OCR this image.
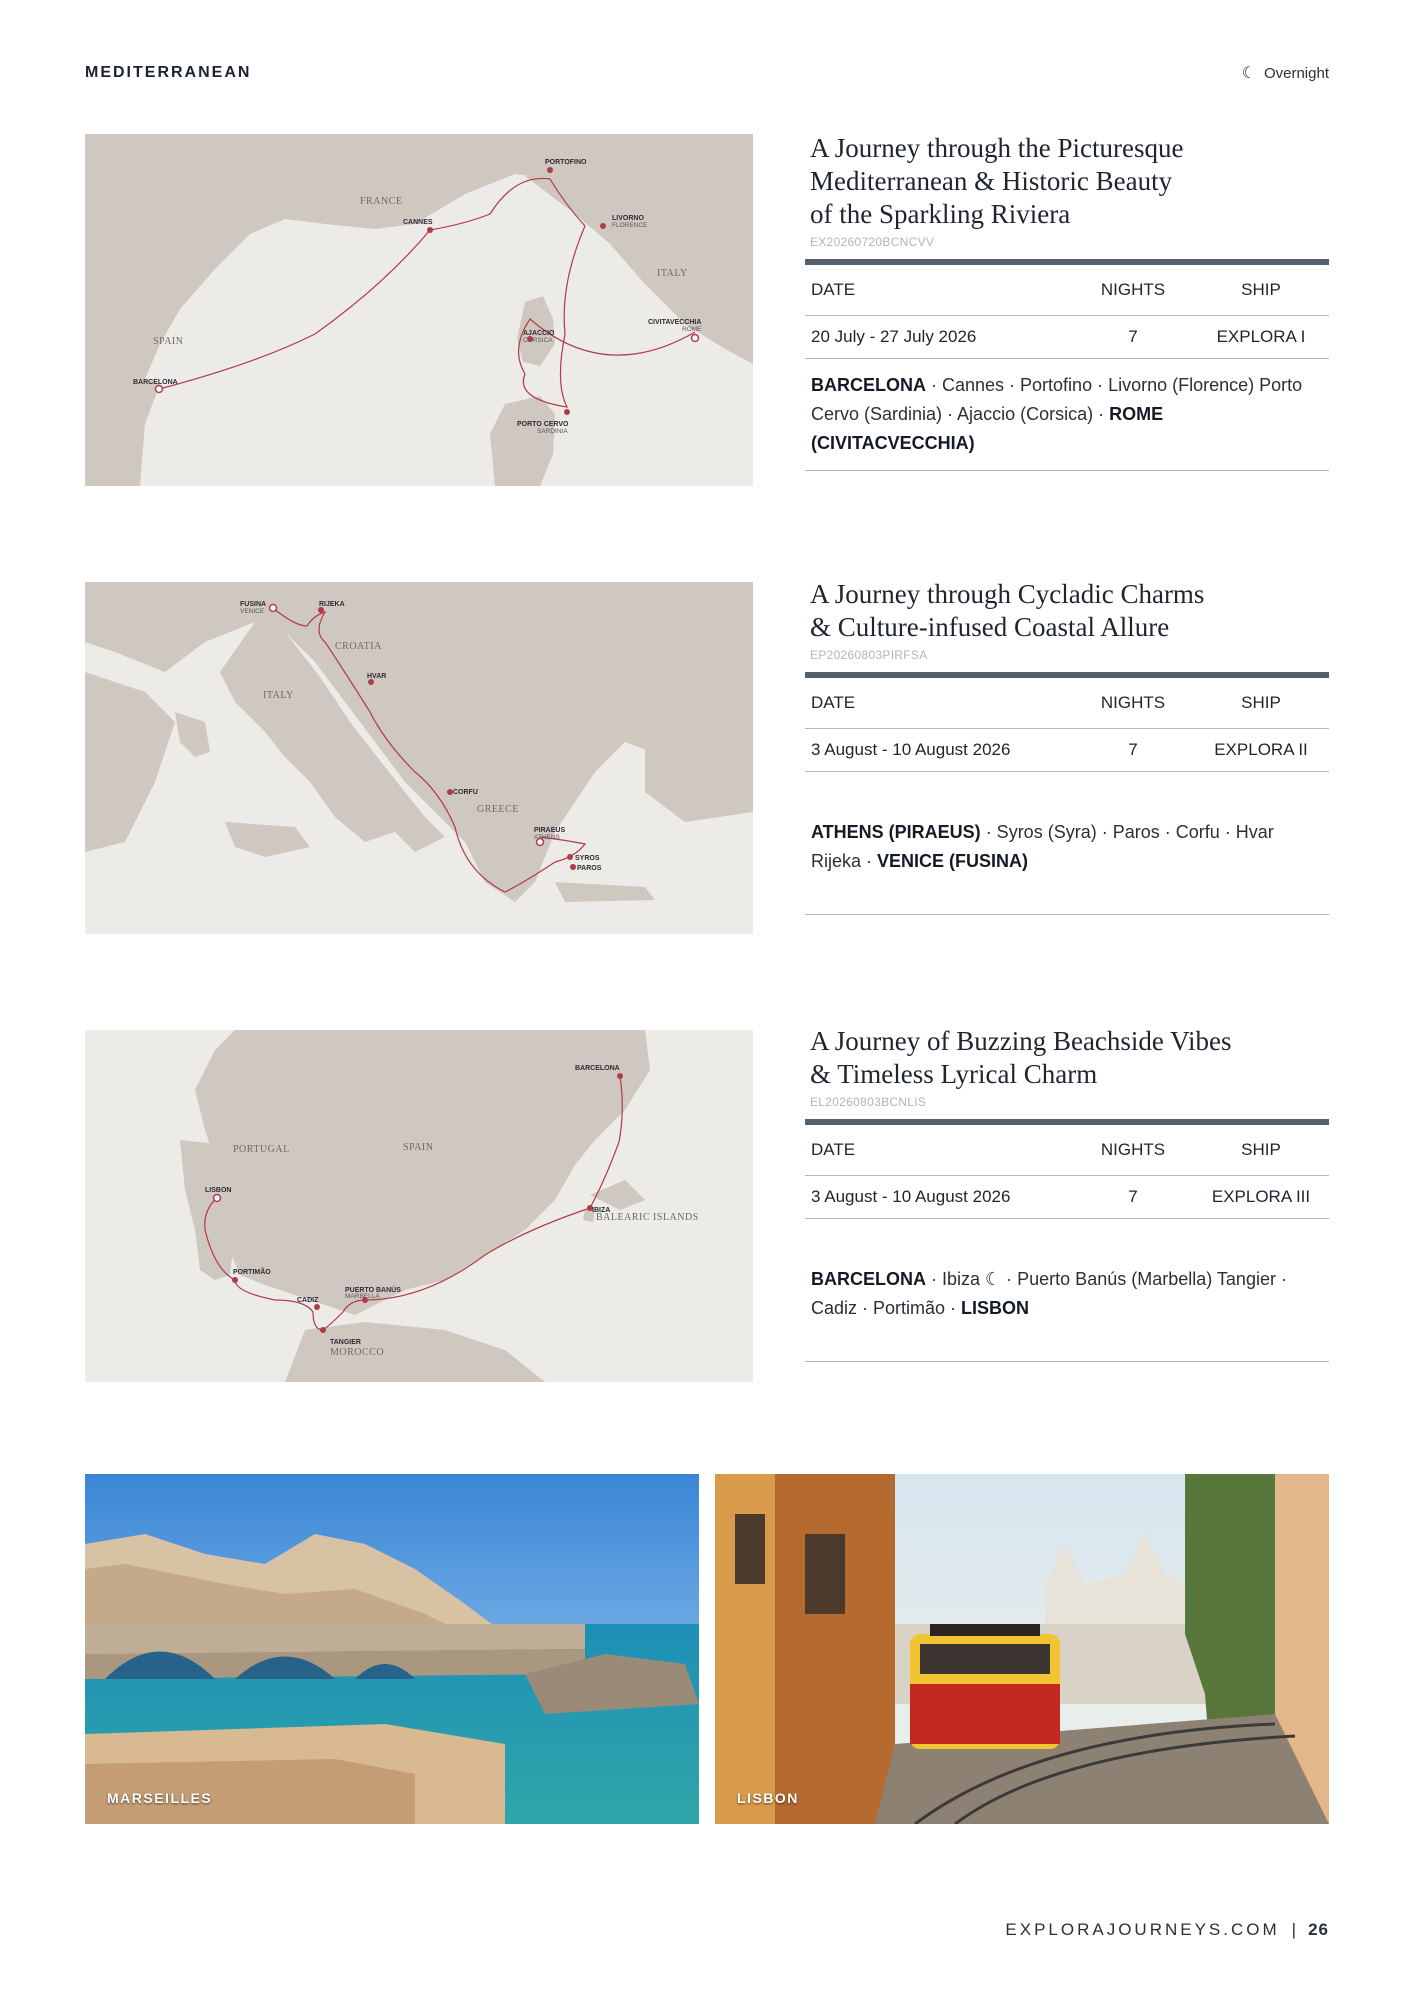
MEDITERRANEAN	☾ Overnight
FRANCE
ITALY
SPAIN
PORTOFINO
CANNES
LIVORNO
FLORENCE
CIVITAVECCHIA
ROME
AJACCIO
CORSICA
BARCELONA
PORTO CERVO
SARDINIA
A Journey through the Picturesque
Mediterranean & Historic Beauty
of the Sparkling Riviera
EX20260720BCNCVV
DATE	NIGHTS	SHIP
20 July - 27 July 2026	7	EXPLORA I
BARCELONA · Cannes · Portofino · Livorno (Florence) Porto Cervo (Sardinia) · Ajaccio (Corsica) · ROME (CIVITACVECCHIA)
CROATIA
ITALY
GREECE
FUSINA
VENICE
RIJEKA
HVAR
CORFU
PIRAEUS
ATHENS
SYROS
PAROS
A Journey through Cycladic Charms
& Culture-infused Coastal Allure
EP20260803PIRFSA
DATE	NIGHTS	SHIP
3 August - 10 August 2026	7	EXPLORA II
ATHENS (PIRAEUS) · Syros (Syra) · Paros · Corfu · Hvar Rijeka · VENICE (FUSINA)
PORTUGAL	SPAIN
BALEARIC ISLANDS
MOROCCO
BARCELONA
LISBON
IBIZA
PORTIMÃO
CADIZ
PUERTO BANÚS
MARBELLA
TANGIER
A Journey of Buzzing Beachside Vibes
& Timeless Lyrical Charm
EL20260803BCNLIS
DATE	NIGHTS	SHIP
3 August - 10 August 2026	7	EXPLORA III
BARCELONA · Ibiza ☾ · Puerto Banús (Marbella) Tangier · Cadiz · Portimão · LISBON
MARSEILLES	LISBON
EXPLORAJOURNEYS.COM | 26
